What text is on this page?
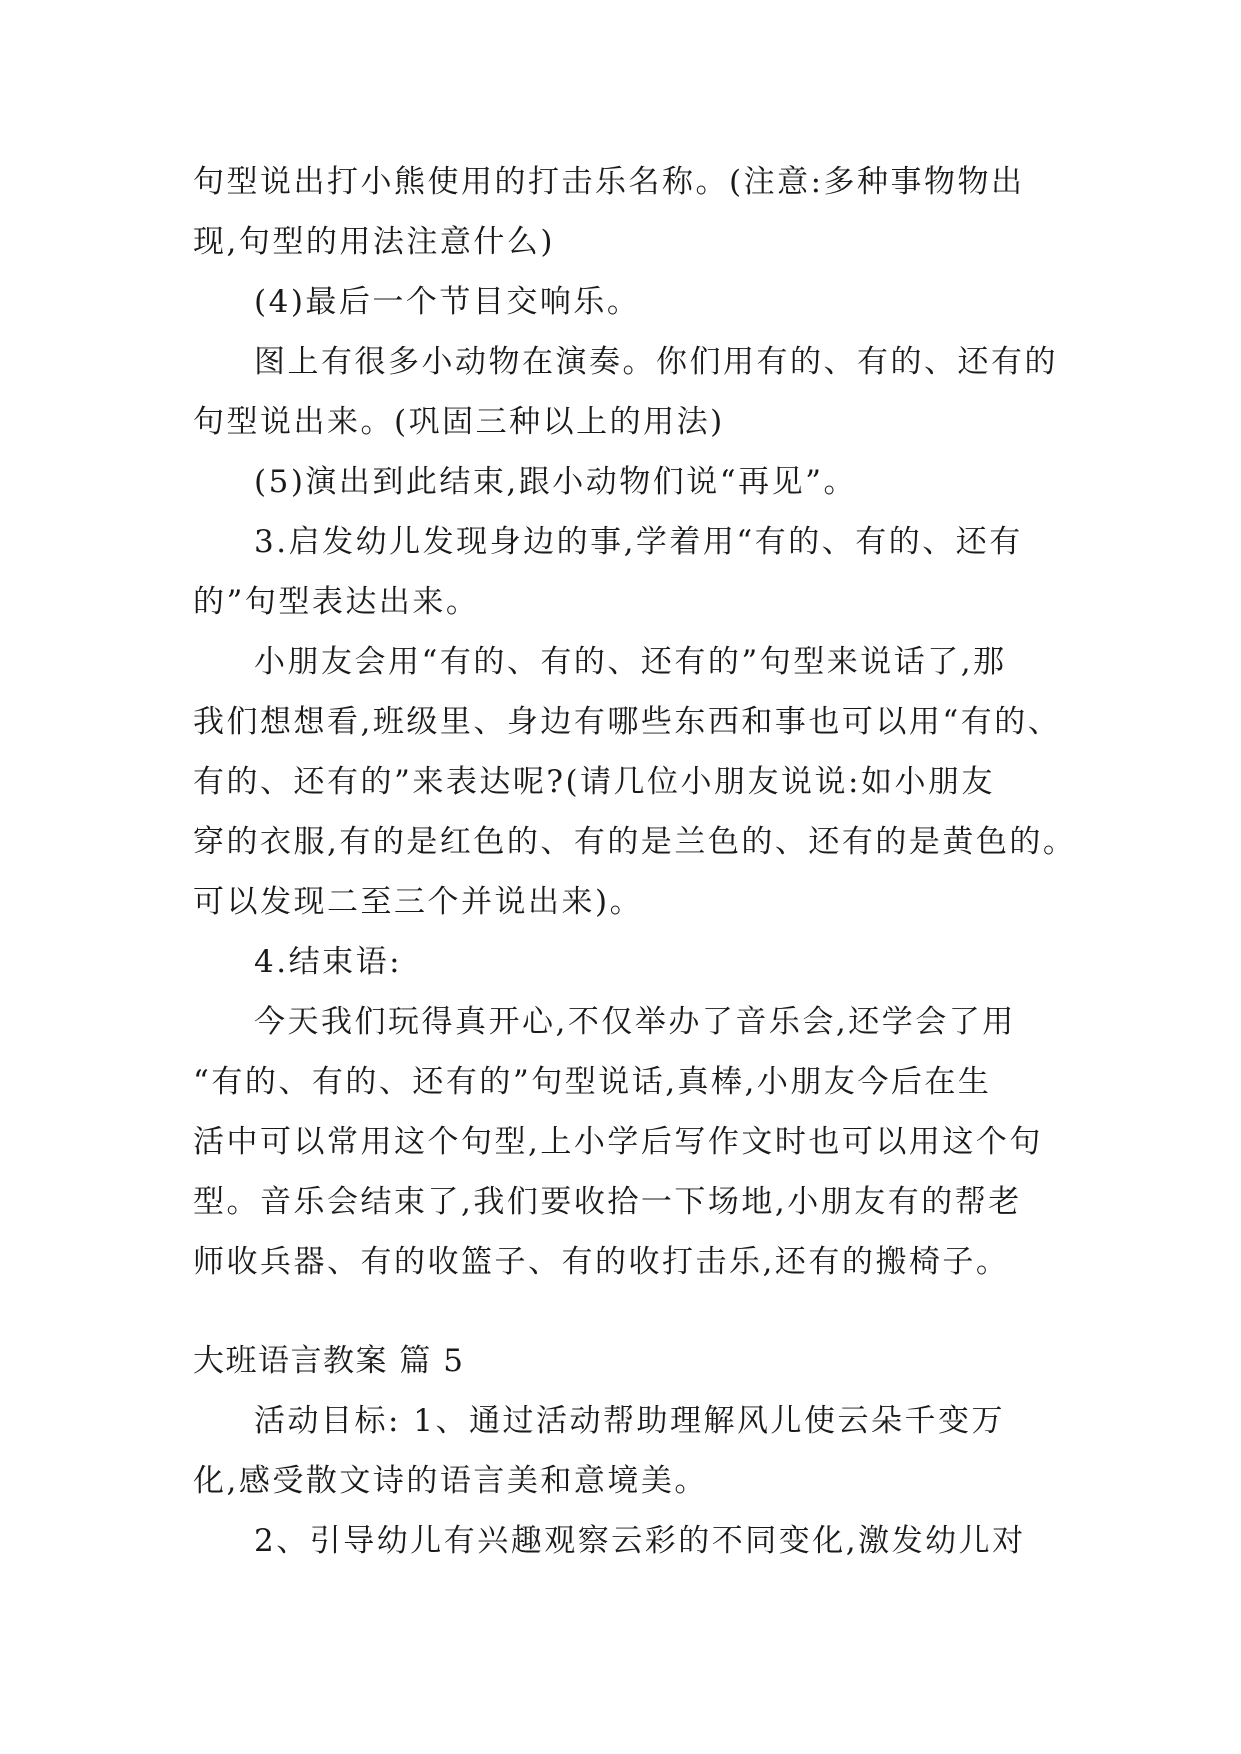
句型说出打小熊使用的打击乐名称。(注意:多种事物物出
现,句型的用法注意什么)
(4)最后一个节目交响乐。
图上有很多小动物在演奏。你们用有的、有的、还有的
句型说出来。(巩固三种以上的用法)
(5)演出到此结束,跟小动物们说“再见”。
3.启发幼儿发现身边的事,学着用“有的、有的、还有
的”句型表达出来。
小朋友会用“有的、有的、还有的”句型来说话了,那
我们想想看,班级里、身边有哪些东西和事也可以用“有的、
有的、还有的”来表达呢?(请几位小朋友说说:如小朋友
穿的衣服,有的是红色的、有的是兰色的、还有的是黄色的。
可以发现二至三个并说出来)。
4.结束语:
今天我们玩得真开心,不仅举办了音乐会,还学会了用
“有的、有的、还有的”句型说话,真棒,小朋友今后在生
活中可以常用这个句型,上小学后写作文时也可以用这个句
型。音乐会结束了,我们要收拾一下场地,小朋友有的帮老
师收兵器、有的收篮子、有的收打击乐,还有的搬椅子。
大班语言教案 篇 5
活动目标: 1、通过活动帮助理解风儿使云朵千变万
化,感受散文诗的语言美和意境美。
2、引导幼儿有兴趣观察云彩的不同变化,激发幼儿对
